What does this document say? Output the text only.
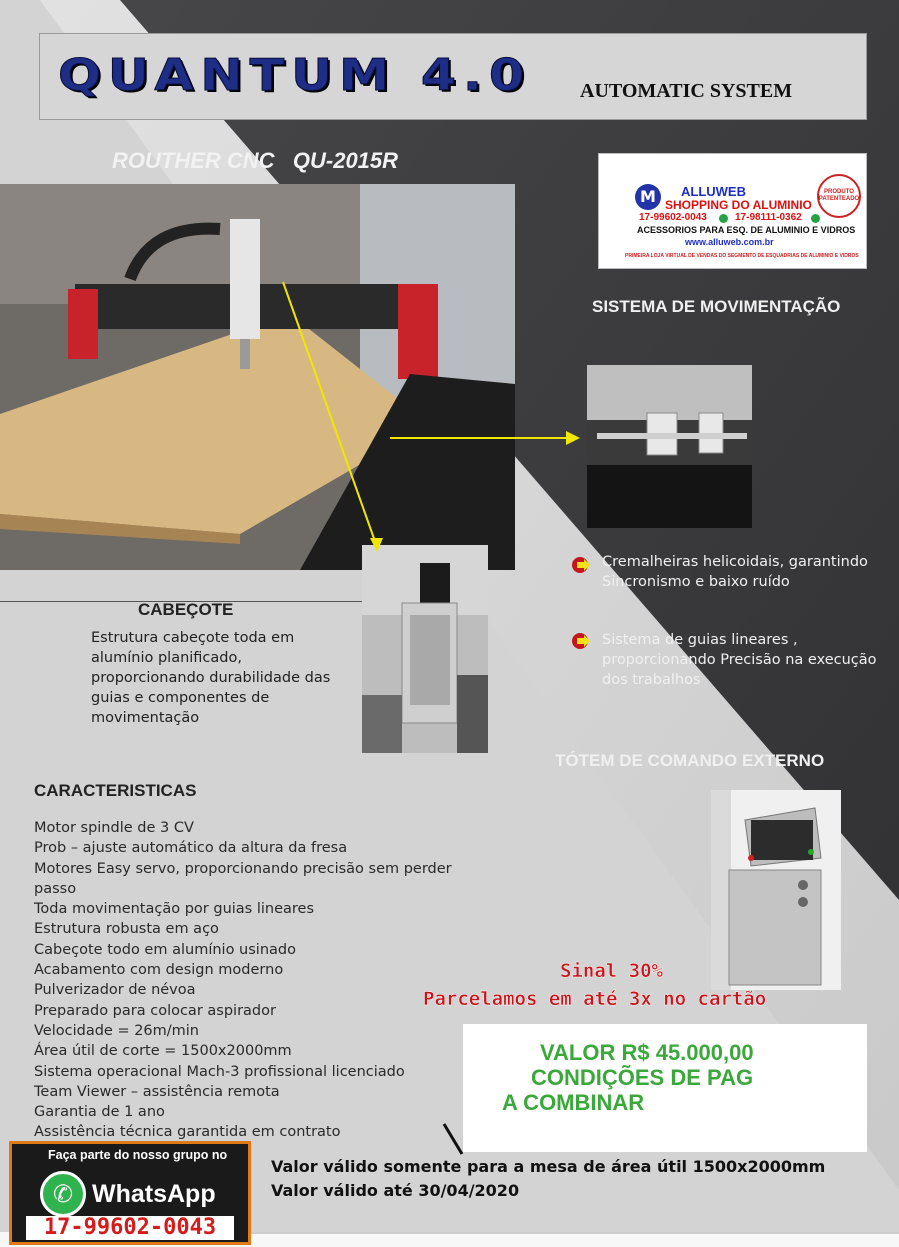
QUANTUM 4.0 AUTOMATIC SYSTEM
ROUTHER CNC   QU-2015R
M	ALLUWEB
SHOPPING DO ALUMINIO
17-99602-0043	17-98111-0362
ACESSORIOS PARA ESQ. DE ALUMINIO E VIDROS
www.alluweb.com.br
PRIMEIRA LOJA VIRTUAL DE VENDAS DO SEGMENTO DE ESQUADRIAS DE ALUMINIO E VIDROS
PRODUTO PATENTEADO
SISTEMA DE MOVIMENTAÇÃO
Cremalheiras helicoidais, garantindo Sincronismo e baixo ruído
Sistema de guias lineares , proporcionando Precisão na execução dos trabalhos
TÓTEM DE COMANDO EXTERNO
CABEÇOTE
Estrutura cabeçote toda em alumínio planificado, proporcionando durabilidade das guias e componentes de movimentação
CARACTERISTICAS
Motor spindle de 3 CV
Prob – ajuste automático da altura da fresa
Motores Easy servo, proporcionando precisão sem perder passo
Toda movimentação por guias lineares
Estrutura robusta em aço
Cabeçote todo em alumínio usinado
Acabamento com design moderno
Pulverizador de névoa
Preparado para colocar aspirador
Velocidade = 26m/min
Área útil de corte = 1500x2000mm
Sistema operacional Mach-3 profissional licenciado
Team Viewer – assistência remota
Garantia de 1 ano
Assistência técnica garantida em contrato
Sinal 30%
Parcelamos em até 3x no cartão
VALOR R$ 45.000,00
CONDIÇÕES DE PAG
A COMBINAR
Valor válido somente para a mesa de área útil 1500x2000mm
Valor válido até 30/04/2020
Faça parte do nosso grupo no
✆ WhatsApp
17-99602-0043
